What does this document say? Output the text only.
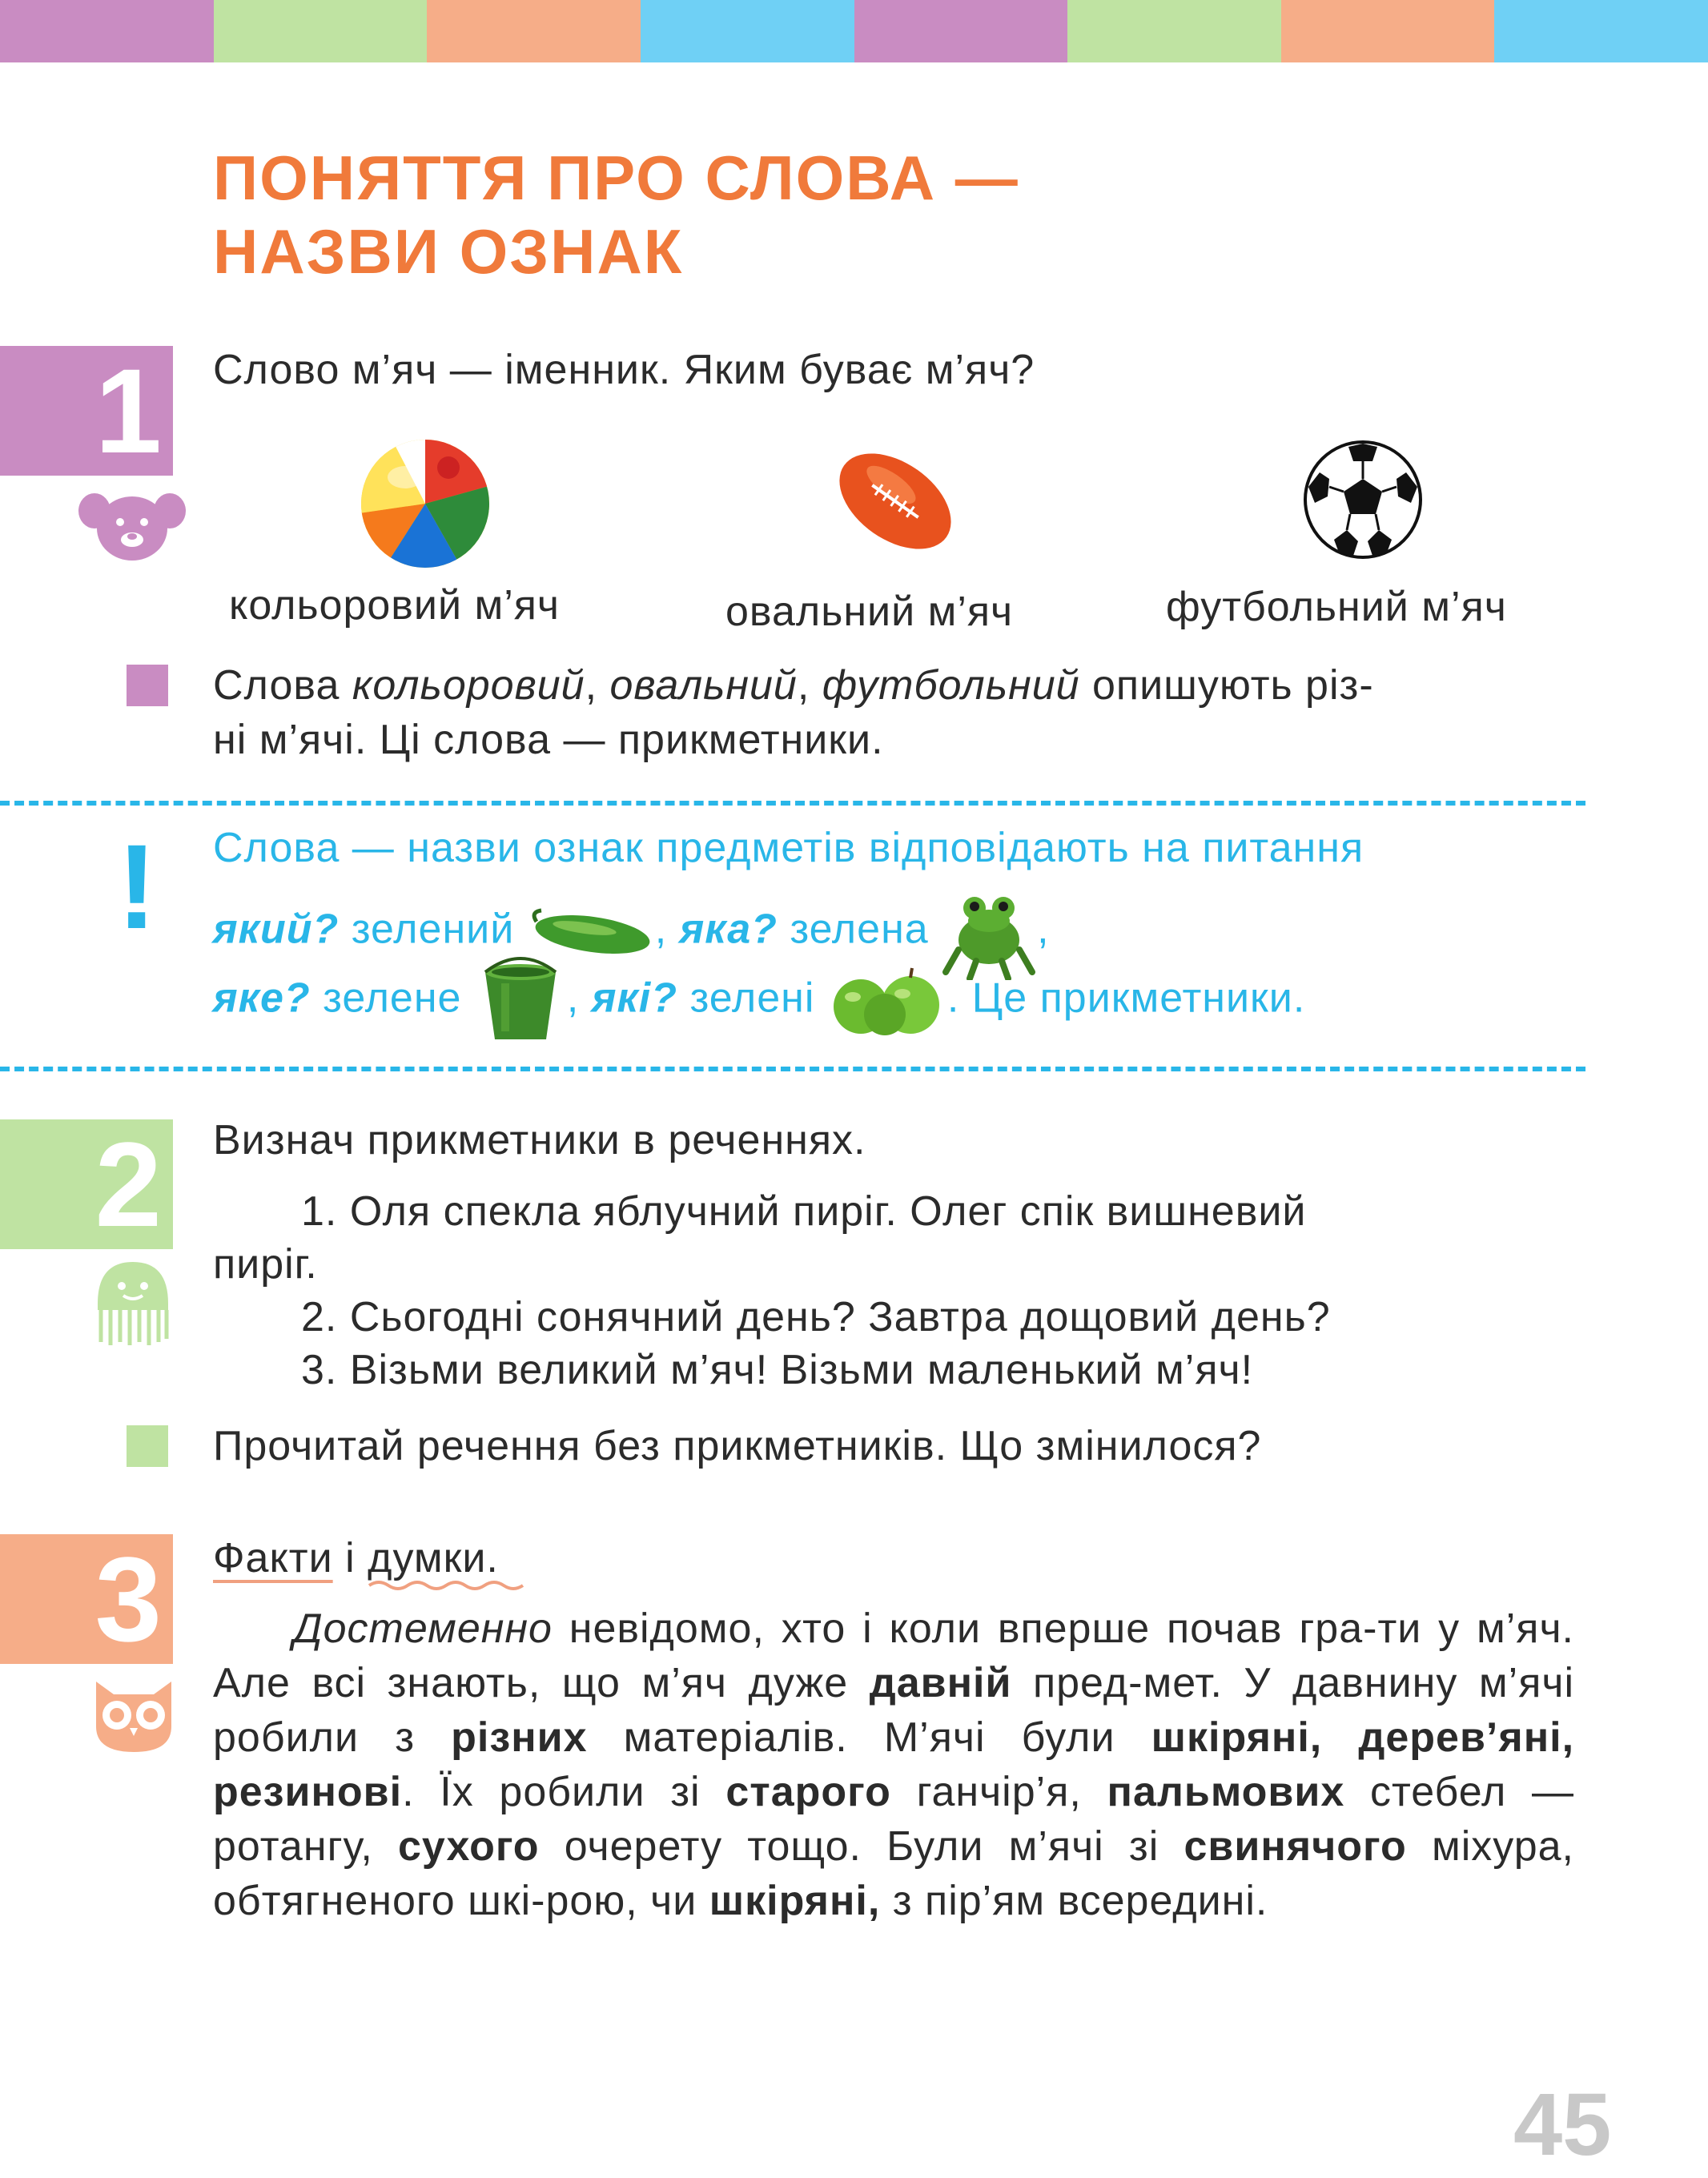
ПОНЯТТЯ ПРО СЛОВА —
НАЗВИ ОЗНАК
1 Слово м’яч — іменник. Яким буває м’яч?
кольоровий м’яч	овальний м’яч	футбольний м’яч
Слова кольоровий, овальний, футбольний опишують різ-
ні м’ячі. Ці слова — прикметники.
! Слова — назви ознак предметів відповідають на питання
який? зелений	, яка? зелена ,
яке? зелене , які? зелені	. Це прикметники.
2 Визнач прикметники в реченнях.
1. Оля спекла яблучний пиріг. Олег спік вишневий
пиріг.
2. Сьогодні сонячний день? Завтра дощовий день?
3. Візьми великий м’яч! Візьми маленький м’яч!
Прочитай речення без прикметників. Що змінилося?
3 Факти і думки
.
Достеменно невідомо, хто і коли вперше почав гра-ти у м’яч. Але всі знають, що м’яч дуже давній пред-мет. У давнину м’ячі робили з різних матеріалів. М’ячі були шкіряні, дерев’яні, резинові. Їх робили зі старого ганчір’я, пальмових стебел — ротангу, сухого очерету тощо. Були м’ячі зі свинячого міхура, обтягненого шкі-рою, чи шкіряні, з пір’ям всередині.
45
